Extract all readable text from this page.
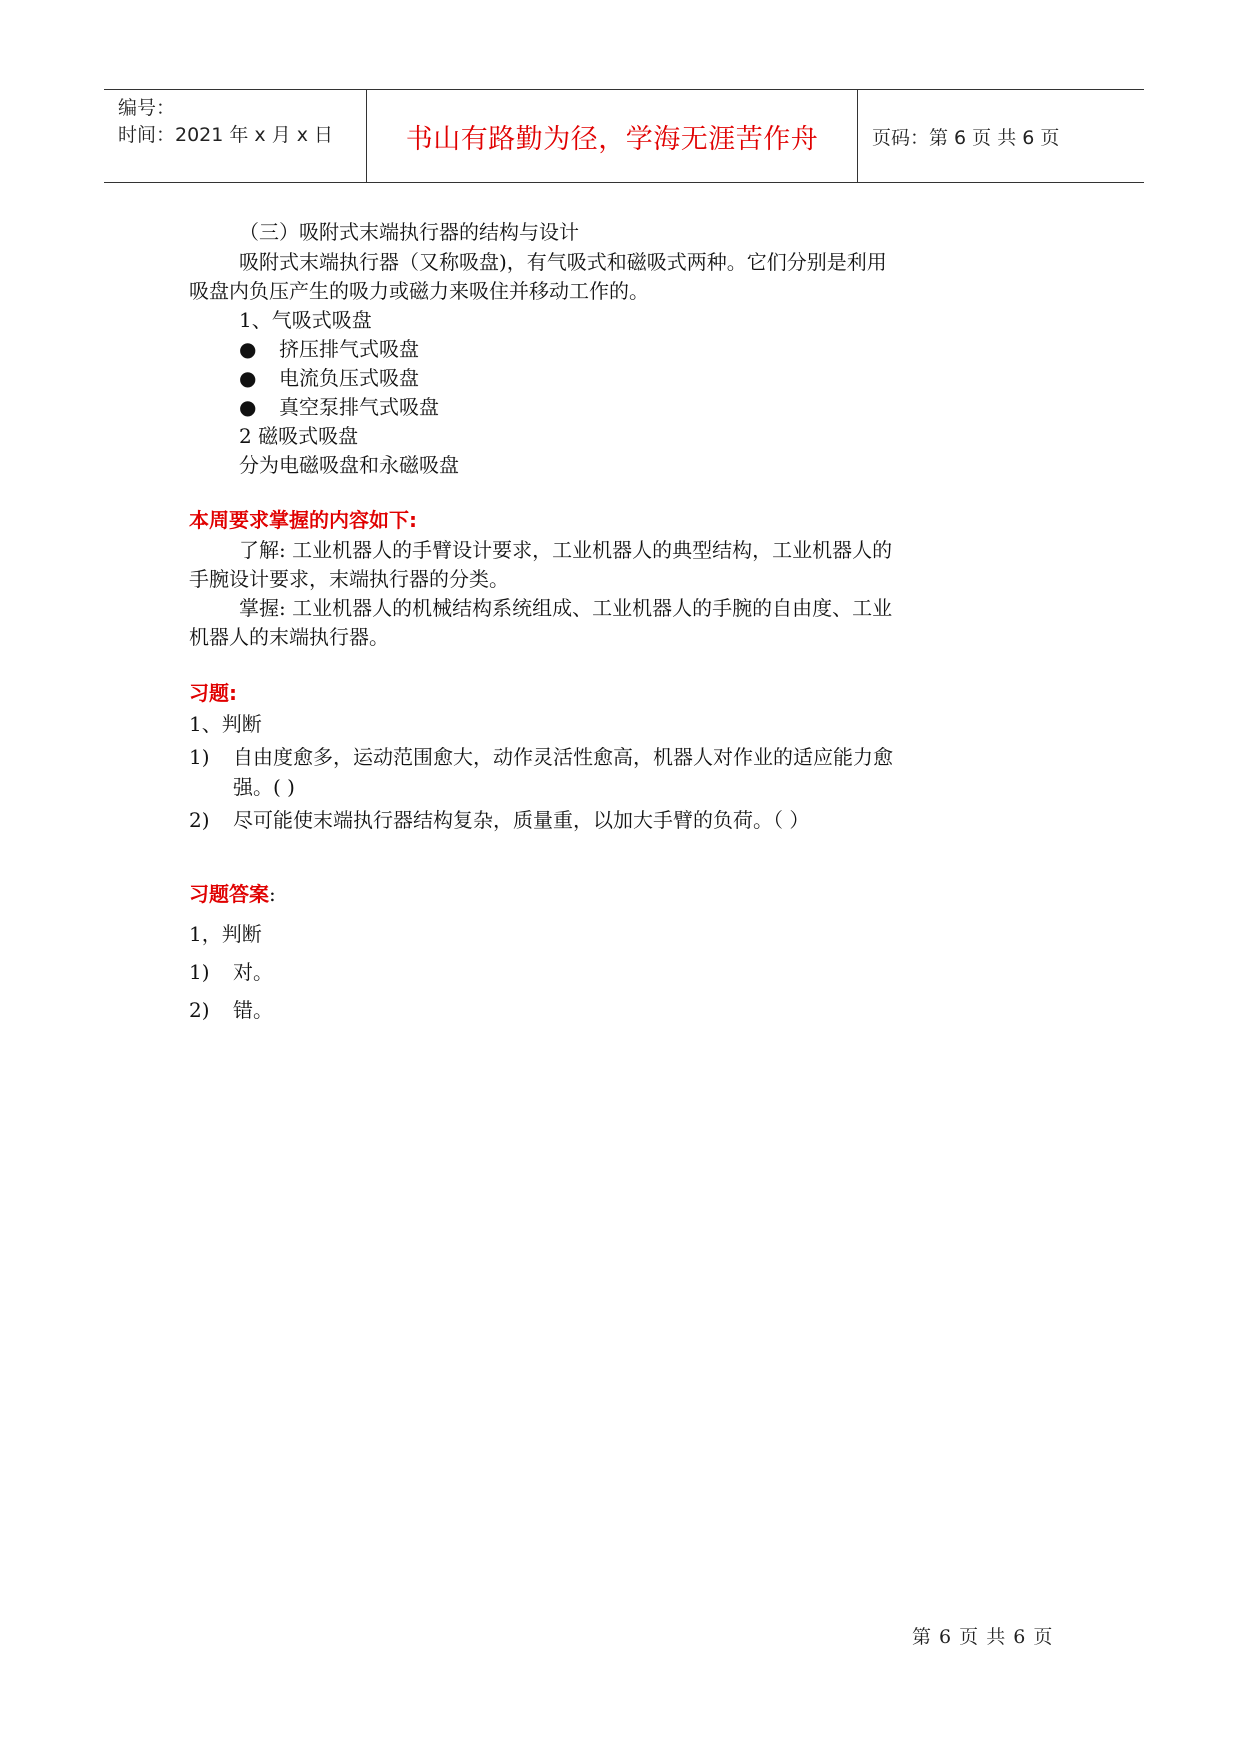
编号：
时间：2021 年 x 月 x 日	书山有路勤为径，学海无涯苦作舟	页码：第 6 页 共 6 页
（三）吸附式末端执行器的结构与设计
吸附式末端执行器（又称吸盘)，有气吸式和磁吸式两种。它们分别是利用
吸盘内负压产生的吸力或磁力来吸住并移动工作的。
1、气吸式吸盘
● 挤压排气式吸盘
● 电流负压式吸盘
● 真空泵排气式吸盘
2 磁吸式吸盘
分为电磁吸盘和永磁吸盘
本周要求掌握的内容如下:
了解: 工业机器人的手臂设计要求，工业机器人的典型结构，工业机器人的
手腕设计要求，末端执行器的分类。
掌握: 工业机器人的机械结构系统组成、工业机器人的手腕的自由度、工业
机器人的末端执行器。
习题:
1、判断
1) 自由度愈多，运动范围愈大，动作灵活性愈高，机器人对作业的适应能力愈
强。( )
2) 尽可能使末端执行器结构复杂，质量重，以加大手臂的负荷。（ ）
习题答案:
1，判断
1) 对。
2) 错。
第 6 页 共 6 页
